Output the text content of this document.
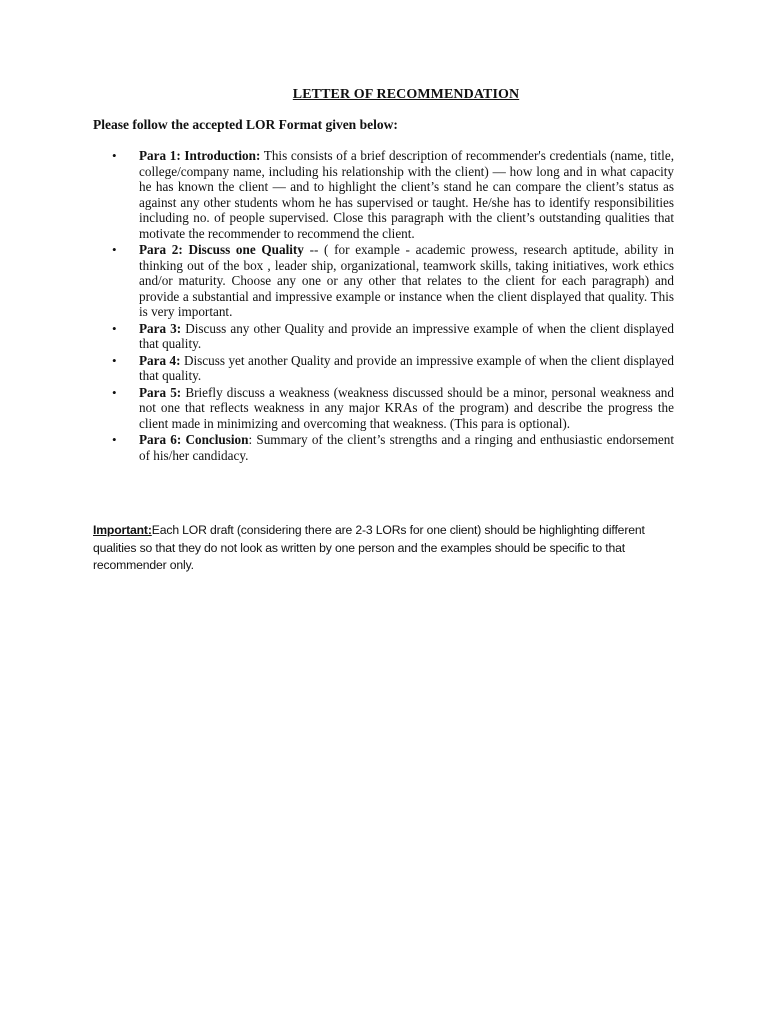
LETTER OF RECOMMENDATION
Please follow the accepted LOR Format given below:
• Para 1: Introduction: This consists of a brief description of recommender's credentials (name, title, college/company name, including his relationship with the client) — how long and in what capacity he has known the client — and to highlight the client’s stand he can compare the client’s status as against any other students whom he has supervised or taught. He/she has to identify responsibilities including no. of people supervised. Close this paragraph with the client’s outstanding qualities that motivate the recommender to recommend the client.
• Para 2: Discuss one Quality -- ( for example - academic prowess, research aptitude, ability in thinking out of the box , leader ship, organizational, teamwork skills, taking initiatives, work ethics and/or maturity. Choose any one or any other that relates to the client for each paragraph) and provide a substantial and impressive example or instance when the client displayed that quality. This is very important.
• Para 3: Discuss any other Quality and provide an impressive example of when the client displayed that quality.
• Para 4: Discuss yet another Quality and provide an impressive example of when the client displayed that quality.
• Para 5: Briefly discuss a weakness (weakness discussed should be a minor, personal weakness and not one that reflects weakness in any major KRAs of the program) and describe the progress the client made in minimizing and overcoming that weakness. (This para is optional).
• Para 6: Conclusion: Summary of the client’s strengths and a ringing and enthusiastic endorsement of his/her candidacy.
Important:Each LOR draft (considering there are 2-3 LORs for one client) should be highlighting different qualities so that they do not look as written by one person and the examples should be specific to that recommender only.
